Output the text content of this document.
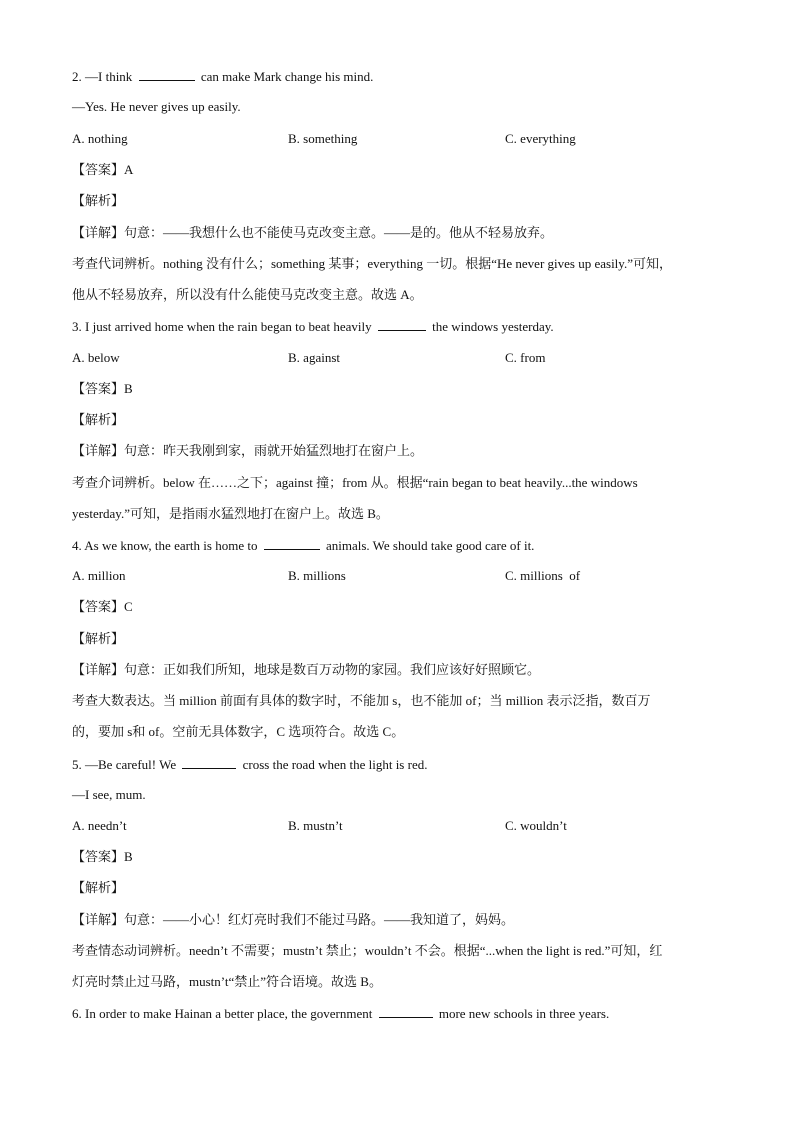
2. —I think	can make Mark change his mind.
—Yes. He never gives up easily.
A. nothing	B. something	C. everything
【答案】A
【解析】
【详解】句意：——我想什么也不能使马克改变主意。——是的。他从不轻易放弃。
考查代词辨析。nothing 没有什么；something 某事；everything 一切。根据“He never gives up easily.”可知，
他从不轻易放弃，所以没有什么能使马克改变主意。故选 A。
3. I just arrived home when the rain began to beat heavily	the windows yesterday.
A. below	B. against	C. from
【答案】B
【解析】
【详解】句意：昨天我刚到家，雨就开始猛烈地打在窗户上。
考查介词辨析。below 在……之下；against 撞；from 从。根据“rain began to beat heavily...the windows
yesterday.”可知，是指雨水猛烈地打在窗户上。故选 B。
4. As we know, the earth is home to	animals. We should take good care of it.
A. million	B. millions	C. millions  of
【答案】C
【解析】
【详解】句意：正如我们所知，地球是数百万动物的家园。我们应该好好照顾它。
考查大数表达。当 million 前面有具体的数字时，不能加 s，也不能加 of；当 million 表示泛指，数百万
的，要加 s和 of。空前无具体数字，C 选项符合。故选 C。
5. —Be careful! We	cross the road when the light is red.
—I see, mum.
A. needn’t	B. mustn’t	C. wouldn’t
【答案】B
【解析】
【详解】句意：——小心！红灯亮时我们不能过马路。——我知道了，妈妈。
考查情态动词辨析。needn’t 不需要；mustn’t 禁止；wouldn’t 不会。根据“...when the light is red.”可知，红
灯亮时禁止过马路，mustn’t“禁止”符合语境。故选 B。
6. In order to make Hainan a better place, the government	more new schools in three years.
